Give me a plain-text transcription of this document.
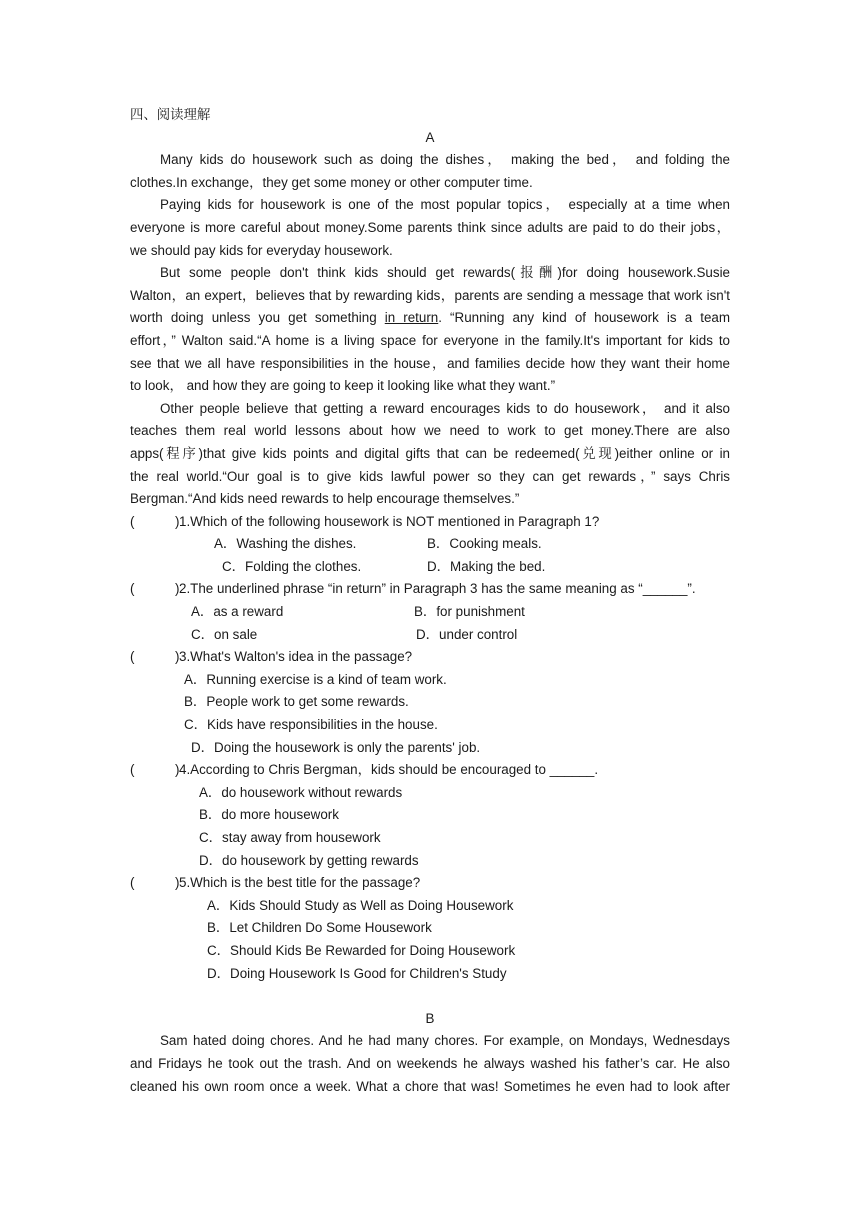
四、阅读理解
A
Many kids do housework such as doing the dishes， making the bed， and folding the
clothes.In exchange，they get some money or other computer time.
Paying kids for housework is one of the most popular topics， especially at a time when
everyone is more careful about money.Some parents think since adults are paid to do their jobs，
we should pay kids for everyday housework.
But some people don't think kids should get rewards(报酬)for doing housework.Susie
Walton，an expert，believes that by rewarding kids，parents are sending a message that work isn't
worth doing unless you get something in return. “Running any kind of housework is a team
effort，” Walton said.“A home is a living space for everyone in the family.It's important for kids to
see that we all have responsibilities in the house，and families decide how they want their home
to look， and how they are going to keep it looking like what they want.”
Other people believe that getting a reward encourages kids to do housework， and it also
teaches them real world lessons about how we need to work to get money.There are also
apps(程序)that give kids points and digital gifts that can be redeemed(兑现)either online or in
the real world.“Our goal is to give kids lawful power so they can get rewards，” says Chris
Bergman.“And kids need rewards to help encourage themselves.”
(	) 1.Which of the following housework is NOT mentioned in Paragraph 1?
A．Washing the dishes.	B．Cooking meals.
C．Folding the clothes.	D．Making the bed.
(	) 2.The underlined phrase “in return” in Paragraph 3 has the same meaning as “______”.
A．as a reward	B．for punishment
C．on sale	D．under control
(	) 3.What's Walton's idea in the passage?
A．Running exercise is a kind of team work.
B．People work to get some rewards.
C．Kids have responsibilities in the house.
D．Doing the housework is only the parents' job.
(	) 4.According to Chris Bergman，kids should be encouraged to ______.
A．do housework without rewards
B．do more housework
C．stay away from housework
D．do housework by getting rewards
(	) 5.Which is the best title for the passage?
A．Kids Should Study as Well as Doing Housework
B．Let Children Do Some Housework
C．Should Kids Be Rewarded for Doing Housework
D．Doing Housework Is Good for Children's Study
B
Sam hated doing chores. And he had many chores. For example, on Mondays, Wednesdays
and Fridays he took out the trash. And on weekends he always washed his father’s car. He also
cleaned his own room once a week. What a chore that was! Sometimes he even had to look after
